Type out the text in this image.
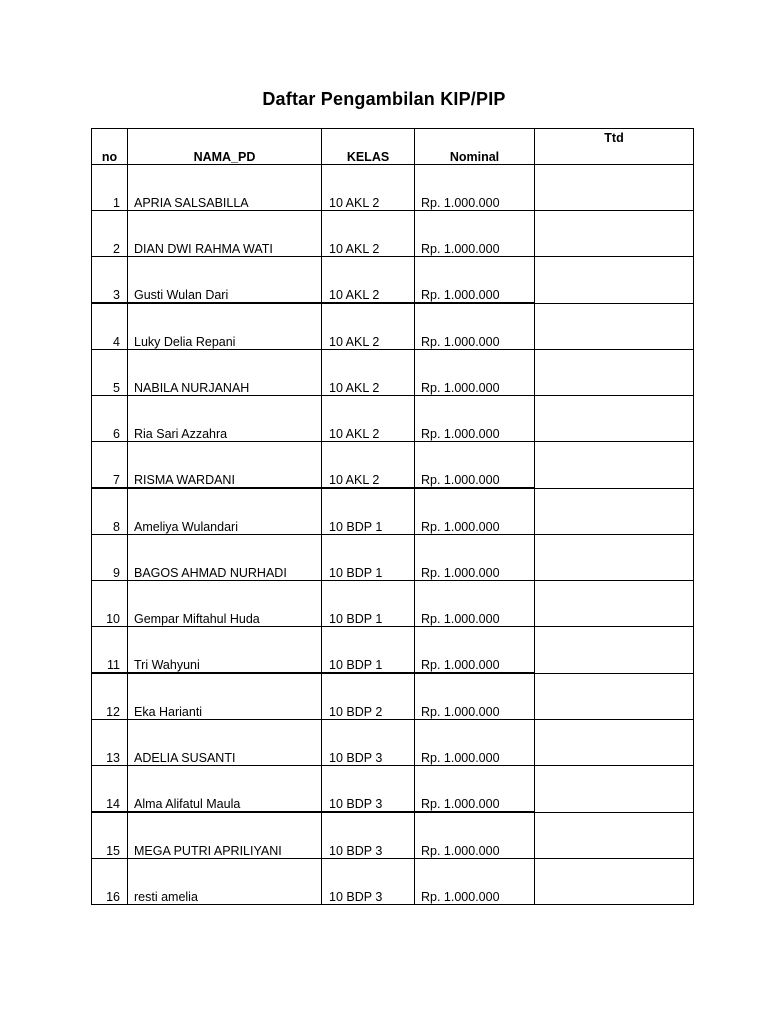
Daftar Pengambilan KIP/PIP
no	NAMA_PD	KELAS	Nominal	Ttd
1	APRIA SALSABILLA	10 AKL 2	Rp. 1.000.000	
2	DIAN DWI RAHMA WATI	10 AKL 2	Rp. 1.000.000	
3	Gusti Wulan Dari	10 AKL 2	Rp. 1.000.000	
4	Luky Delia Repani	10 AKL 2	Rp. 1.000.000	
5	NABILA NURJANAH	10 AKL 2	Rp. 1.000.000	
6	Ria Sari Azzahra	10 AKL 2	Rp. 1.000.000	
7	RISMA WARDANI	10 AKL 2	Rp. 1.000.000	
8	Ameliya Wulandari	10 BDP 1	Rp. 1.000.000	
9	BAGOS AHMAD NURHADI	10 BDP 1	Rp. 1.000.000	
10	Gempar Miftahul Huda	10 BDP 1	Rp. 1.000.000	
11	Tri Wahyuni	10 BDP 1	Rp. 1.000.000	
12	Eka Harianti	10 BDP 2	Rp. 1.000.000	
13	ADELIA SUSANTI	10 BDP 3	Rp. 1.000.000	
14	Alma Alifatul Maula	10 BDP 3	Rp. 1.000.000	
15	MEGA PUTRI APRILIYANI	10 BDP 3	Rp. 1.000.000	
16	resti amelia	10 BDP 3	Rp. 1.000.000	
